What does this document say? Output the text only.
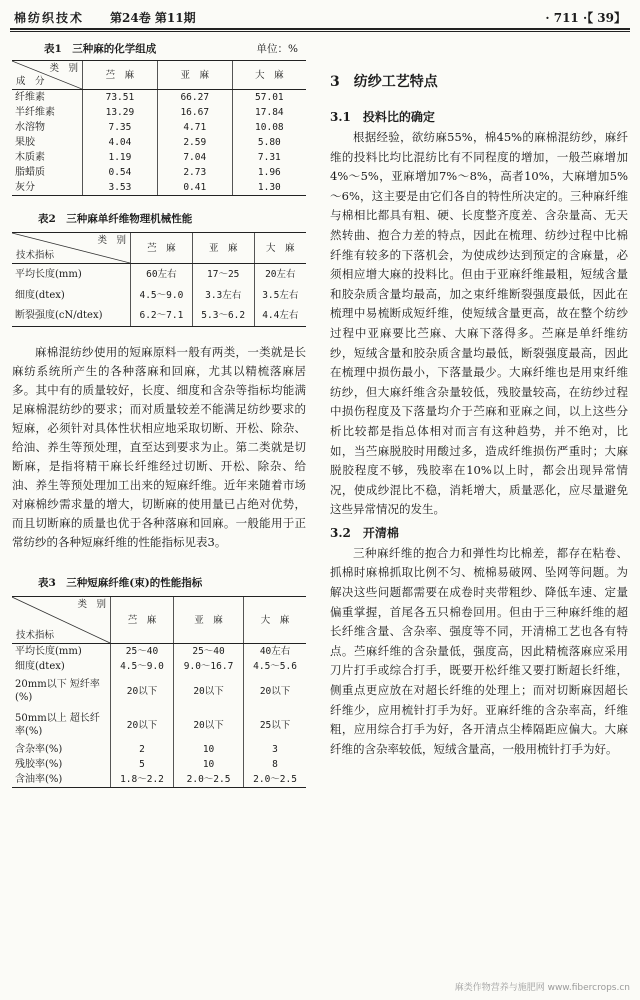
棉纺织技术 第24卷 第11期	· 711 ·【 39】
表1　三种麻的化学组成	单位：%
类　别
成　分	苎　麻	亚　麻	大　麻
纤维素	73.51	66.27	57.01
半纤维素	13.29	16.67	17.84
水溶物	7.35	4.71	10.08
果胶	4.04	2.59	5.80
木质素	1.19	7.04	7.31
脂蜡质	0.54	2.73	1.96
灰分	3.53	0.41	1.30
表2　三种麻单纤维物理机械性能
类　别
技术指标	苎　麻	亚　麻	大　麻
平均长度(mm)	60左右	17～25	20左右
细度(dtex)	4.5～9.0	3.3左右	3.5左右
断裂强度(cN/dtex)	6.2～7.1	5.3～6.2	4.4左右

麻棉混纺纱使用的短麻原料一般有两类，一类就是长麻纺系统所产生的各种落麻和回麻，尤其以精梳落麻居多。其中有的质量较好，长度、细度和含杂等指标均能满足麻棉混纺纱的要求；而对质量较差不能满足纺纱要求的短麻，必须针对具体性状相应地采取切断、开松、除杂、给油、养生等预处理，直至达到要求为止。第二类就是切断麻，是指将精干麻长纤维经过切断、开松、除杂、给油、养生等预处理加工出来的短麻纤维。近年来随着市场对麻棉纱需求量的增大，切断麻的使用量已占绝对优势，而且切断麻的质量也优于各种落麻和回麻。一般能用于正常纺纱的各种短麻纤维的性能指标见表3。

表3　三种短麻纤维(束)的性能指标
类　别
技术指标	苎　麻	亚　麻	大　麻
平均长度(mm)	25～40	25～40	40左右
细度(dtex)	4.5～9.0	9.0～16.7	4.5～5.6
20mm以下 短纤率(%)	20以下	20以下	20以下
50mm以上 超长纤率(%)	20以下	20以下	25以下
含杂率(%)	2	10	3
残胶率(%)	5	10	8
含油率(%)	1.8～2.2	2.0～2.5	2.0～2.5
3　纺纱工艺特点
3.1　投料比的确定

根据经验，欲纺麻55%，棉45%的麻棉混纺纱，麻纤维的投料比均比混纺比有不同程度的增加，一般苎麻增加4%～5%，亚麻增加7%～8%，高者10%，大麻增加5%～6%，这主要是由它们各自的特性所决定的。三种麻纤维与棉相比都具有粗、硬、长度整齐度差、含杂量高、无天然转曲、抱合力差的特点，因此在梳理、纺纱过程中比棉纤维有较多的下落机会，为使成纱达到预定的含麻量，必须相应增大麻的投料比。但由于亚麻纤维最粗，短绒含量和胶杂质含量均最高，加之束纤维断裂强度最低，因此在梳理中易梳断成短纤维，使短绒含量更高，故在整个纺纱过程中亚麻要比苎麻、大麻下落得多。苎麻是单纤维纺纱，短绒含量和胶杂质含量均最低，断裂强度最高，因此在梳理中损伤最小，下落量最少。大麻纤维也是用束纤维纺纱，但大麻纤维含杂量较低，残胶量较高，在纺纱过程中损伤程度及下落量均介于苎麻和亚麻之间，以上这些分析比较都是指总体相对而言有这种趋势，并不绝对，比如，当苎麻脱胶时用酸过多，造成纤维损伤严重时；大麻脱胶程度不够，残胶率在10%以上时，都会出现异常情况，使成纱混比不稳，消耗增大，质量恶化，应尽量避免这些异常情况的发生。

3.2　开清棉

三种麻纤维的抱合力和弹性均比棉差，都存在粘卷、抓棉时麻棉抓取比例不匀、梳棉易破网、坠网等问题。为解决这些问题都需要在成卷时夹带粗纱、降低车速、定量偏重掌握，首尾各五只棉卷回用。但由于三种麻纤维的超长纤维含量、含杂率、强度等不同，开清棉工艺也各有特点。苎麻纤维的含杂量低，强度高，因此精梳落麻应采用刀片打手或综合打手，既要开松纤维又要打断超长纤维，侧重点更应放在对超长纤维的处理上；而对切断麻因超长纤维少，应用梳针打手为好。亚麻纤维的含杂率高，纤维粗，应用综合打手为好，各开清点尘棒隔距应偏大。大麻纤维的含杂率较低，短绒含量高，一般用梳针打手为好。

麻类作物营养与施肥网 www.fibercrops.cn
